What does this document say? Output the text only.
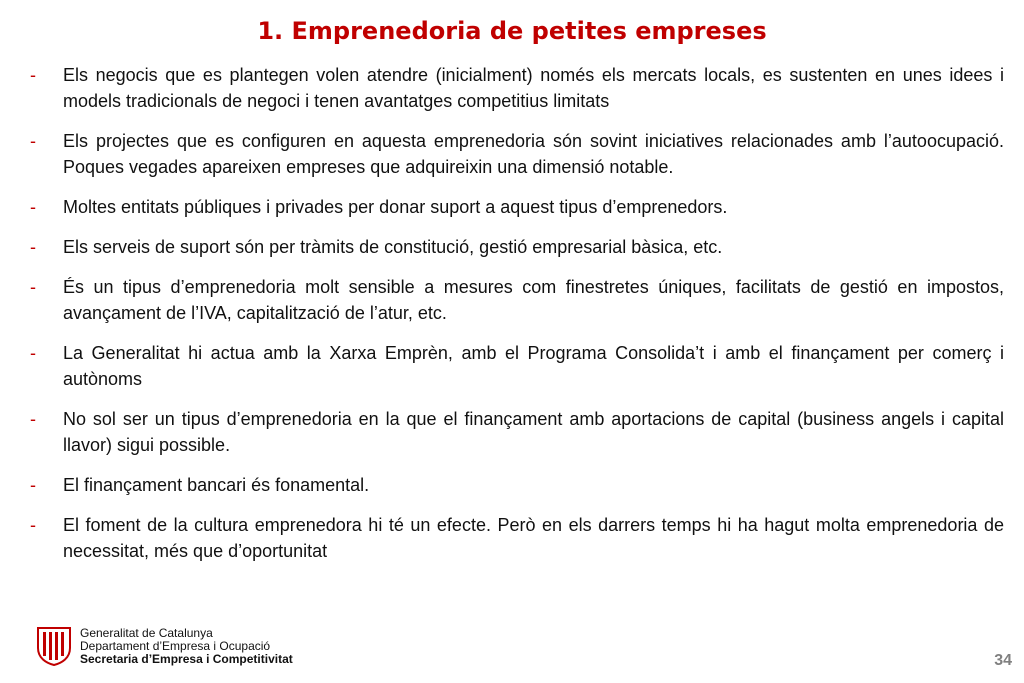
1. Emprenedoria de petites empreses
-	Els negocis que es plantegen volen atendre (inicialment) només els mercats locals, es sustenten en unes idees i models tradicionals de negoci i tenen avantatges competitius limitats
-	Els projectes que es configuren en aquesta emprenedoria són sovint iniciatives relacionades amb l’autoocupació. Poques vegades apareixen empreses que adquireixin una dimensió notable.
-	Moltes entitats públiques i privades per donar suport a aquest tipus d’emprenedors.
-	Els serveis de suport són per tràmits de constitució, gestió empresarial bàsica, etc.
-	És un tipus d’emprenedoria molt sensible a mesures com finestretes úniques, facilitats de gestió en impostos, avançament de l’IVA, capitalització de l’atur, etc.
-	La Generalitat hi actua amb la Xarxa Emprèn, amb el Programa Consolida’t i amb el finançament per comerç i autònoms
-	No sol ser un tipus d’emprenedoria en la que el finançament amb aportacions de capital (business angels i capital llavor) sigui possible.
-	El finançament bancari és fonamental.
-	El foment de la cultura emprenedora hi té un efecte. Però en els darrers temps hi ha hagut molta emprenedoria de necessitat, més que d’oportunitat
Generalitat de Catalunya
Departament d’Empresa i Ocupació
Secretaria d’Empresa i Competitivitat	34
